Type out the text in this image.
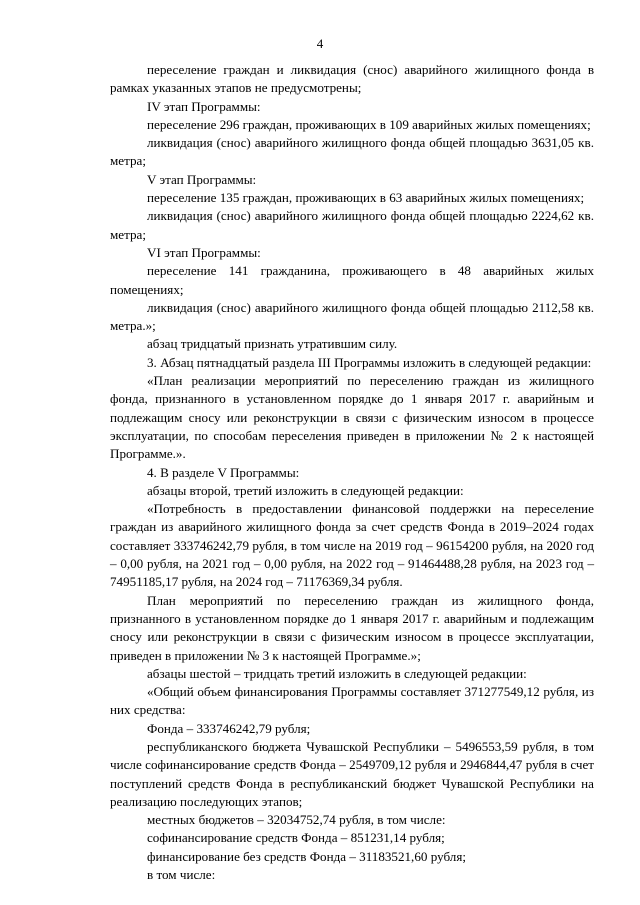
4

переселение граждан и ликвидация (снос) аварийного жилищного фонда в рамках указанных этапов не предусмотрены;

IV этап Программы:

переселение 296 граждан, проживающих в 109 аварийных жилых помещениях;

ликвидация (снос) аварийного жилищного фонда общей площадью 3631,05 кв. метра;

V этап Программы:

переселение 135 граждан, проживающих в 63 аварийных жилых помещениях;

ликвидация (снос) аварийного жилищного фонда общей площадью 2224,62 кв. метра;

VI этап Программы:

переселение 141 гражданина, проживающего в 48 аварийных жилых помещениях;

ликвидация (снос) аварийного жилищного фонда общей площадью 2112,58 кв. метра.»;

абзац тридцатый признать утратившим силу.

3. Абзац пятнадцатый раздела III Программы изложить в следующей редакции:

«План реализации мероприятий по переселению граждан из жилищного фонда, признанного в установленном порядке до 1 января 2017 г. аварийным и подлежащим сносу или реконструкции в связи с физическим износом в процессе эксплуатации, по способам переселения приведен в приложении № 2 к настоящей Программе.».

4. В разделе V Программы:

абзацы второй, третий изложить в следующей редакции:

«Потребность в предоставлении финансовой поддержки на переселение граждан из аварийного жилищного фонда за счет средств Фонда в 2019–2024 годах составляет 333746242,79 рубля, в том числе на 2019 год – 96154200 рубля, на 2020 год – 0,00 рубля, на 2021 год – 0,00 рубля, на 2022 год – 91464488,28 рубля, на 2023 год – 74951185,17 рубля, на 2024 год – 71176369,34 рубля.

План мероприятий по переселению граждан из жилищного фонда, признанного в установленном порядке до 1 января 2017 г. аварийным и подлежащим сносу или реконструкции в связи с физическим износом в процессе эксплуатации, приведен в приложении № 3 к настоящей Программе.»;

абзацы шестой – тридцать третий изложить в следующей редакции:

«Общий объем финансирования Программы составляет 371277549,12 рубля, из них средства:

Фонда – 333746242,79 рубля;

республиканского бюджета Чувашской Республики – 5496553,59 рубля, в том числе софинансирование средств Фонда – 2549709,12 рубля и 2946844,47 рубля в счет поступлений средств Фонда в республиканский бюджет Чувашской Республики на реализацию последующих этапов;

местных бюджетов – 32034752,74 рубля, в том числе:

софинансирование средств Фонда – 851231,14 рубля;

финансирование без средств Фонда – 31183521,60 рубля;

в том числе:
